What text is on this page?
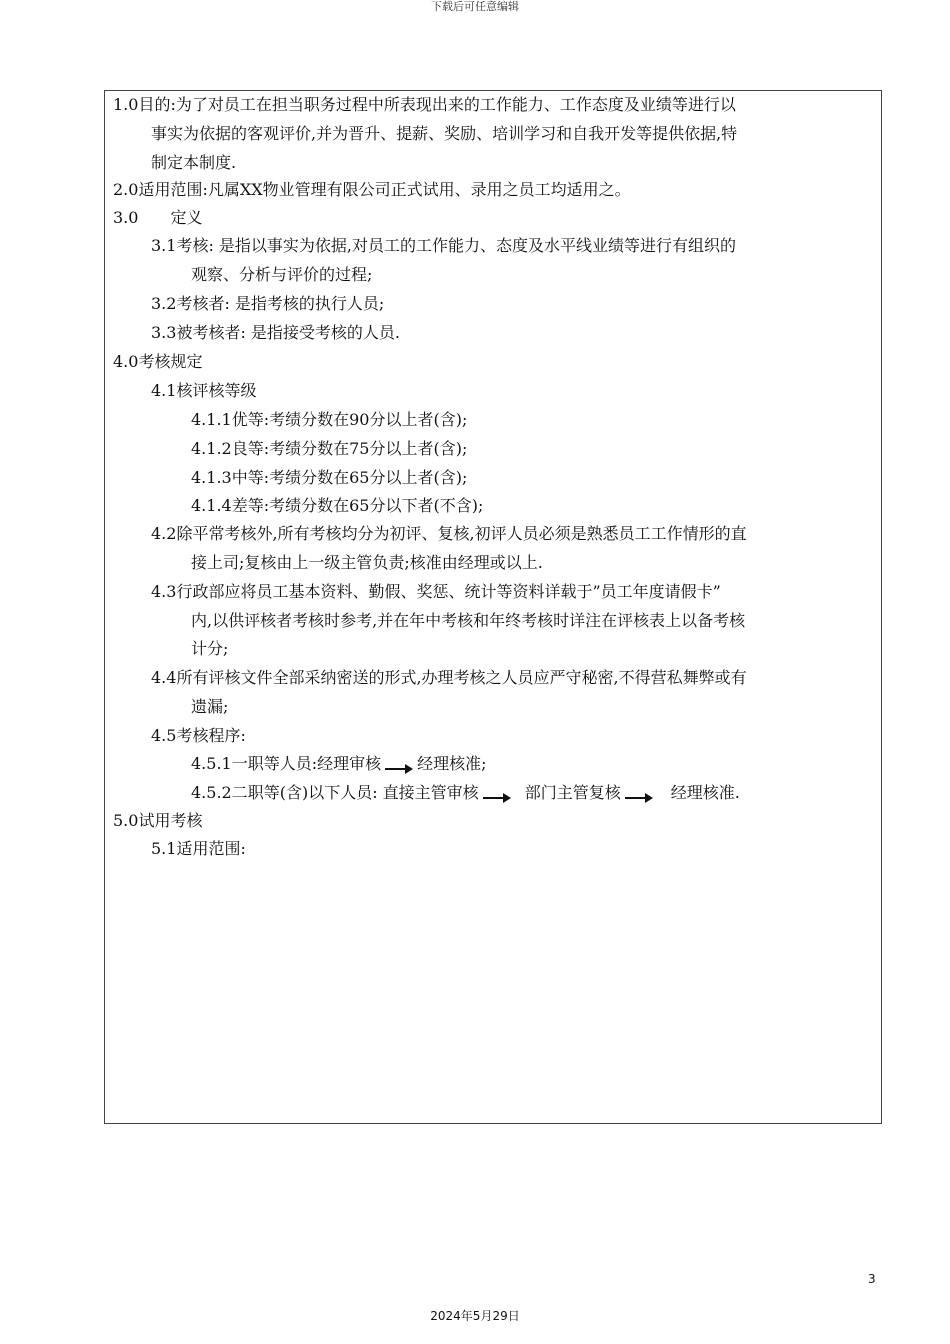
下载后可任意编辑
1.0目的:为了对员工在担当职务过程中所表现出来的工作能力、工作态度及业绩等进行以
事实为依据的客观评价,并为晋升、提薪、奖励、培训学习和自我开发等提供依据,特
制定本制度.
2.0适用范围:凡属XX物业管理有限公司正式试用、录用之员工均适用之。
3.0　　定义
3.1考核: 是指以事实为依据,对员工的工作能力、态度及水平线业绩等进行有组织的
观察、分析与评价的过程;
3.2考核者: 是指考核的执行人员;
3.3被考核者: 是指接受考核的人员.
4.0考核规定
4.1核评核等级
4.1.1优等:考绩分数在90分以上者(含);
4.1.2良等:考绩分数在75分以上者(含);
4.1.3中等:考绩分数在65分以上者(含);
4.1.4差等:考绩分数在65分以下者(不含);
4.2除平常考核外,所有考核均分为初评、复核,初评人员必须是熟悉员工工作情形的直
接上司;复核由上一级主管负责;核准由经理或以上.
4.3行政部应将员工基本资料、勤假、奖惩、统计等资料详载于”员工年度请假卡”
内,以供评核者考核时参考,并在年中考核和年终考核时详注在评核表上以备考核
计分;
4.4所有评核文件全部采纳密送的形式,办理考核之人员应严守秘密,不得营私舞弊或有
遗漏;
4.5考核程序:
4.5.1一职等人员:经理审核 经理核准;
4.5.2二职等(含)以下人员: 直接主管审核	部门主管复核	经理核准.
5.0试用考核
5.1适用范围:
3
2024年5月29日
